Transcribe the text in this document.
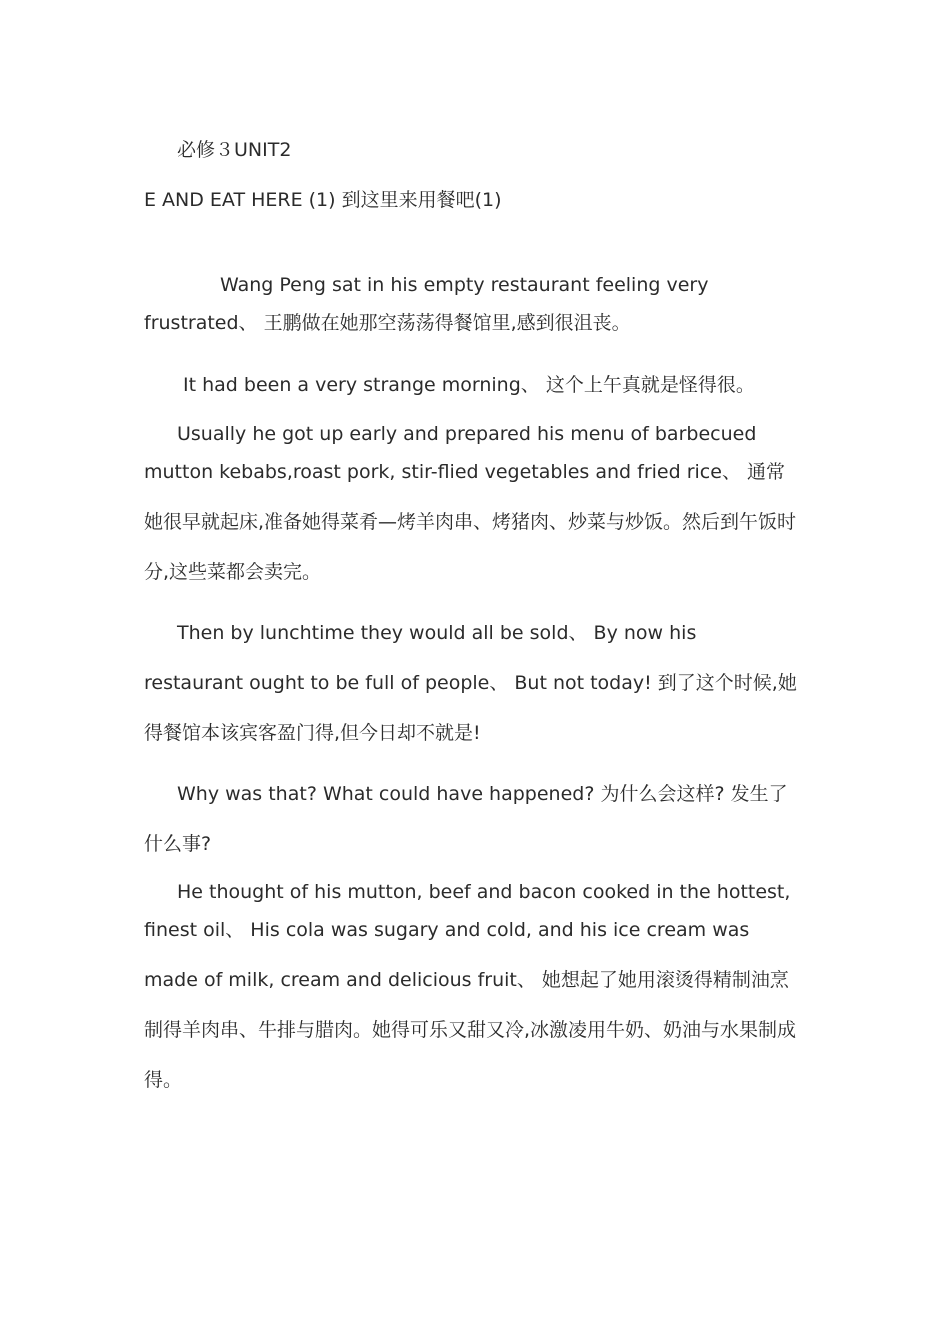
必修３UNIT2

E AND EAT HERE (1) 到这里来用餐吧(1)

Wang Peng sat in his empty restaurant feeling very

frustrated、 王鹏做在她那空荡荡得餐馆里,感到很沮丧。

It had been a very strange morning、 这个上午真就是怪得很。

Usually he got up early and prepared his menu of barbecued

mutton kebabs,roast pork, stir-flied vegetables and fried rice、 通常

她很早就起床,准备她得菜肴—烤羊肉串、烤猪肉、炒菜与炒饭。然后到午饭时

分,这些菜都会卖完。

Then by lunchtime they would all be sold、 By now his

restaurant ought to be full of people、 But not today! 到了这个时候,她

得餐馆本该宾客盈门得,但今日却不就是!

Why was that? What could have happened? 为什么会这样? 发生了

什么事?

He thought of his mutton, beef and bacon cooked in the hottest,

finest oil、 His cola was sugary and cold, and his ice cream was

made of milk, cream and delicious fruit、 她想起了她用滚烫得精制油烹

制得羊肉串、牛排与腊肉。她得可乐又甜又冷,冰激凌用牛奶、奶油与水果制成

得。
